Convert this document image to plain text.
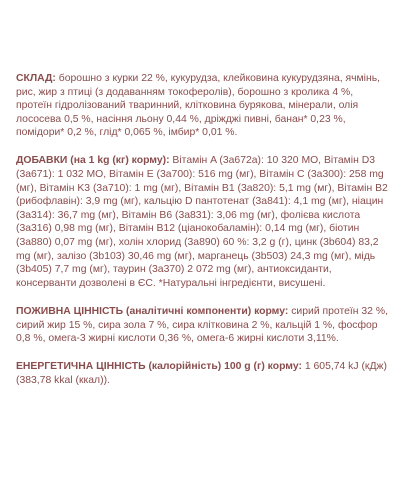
СКЛАД: борошно з курки 22 %, кукурудза, клейковина кукурудзяна, ячмінь, рис, жир з птиці (з додаванням токоферолів), борошно з кролика 4 %, протеїн гідролізований тваринний, клітковина бурякова, мінерали, олія лососева 0,5 %, насіння льону 0,44 %, дріжджі пивні, банан* 0,23 %, помідори* 0,2 %, глід* 0,065 %, імбир* 0,01 %.

ДОБАВКИ (на 1 kg (кг) корму): Вітамін A (3a672a): 10 320 MO, Вітамін D3 (3a671): 1 032 MO, Вітамін E (3a700): 516 mg (мг), Вітамін C (3a300): 258 mg (мг), Вітамін K3 (3a710): 1 mg (мг), Вітамін B1 (3a820): 5,1 mg (мг), Вітамін B2 (рибофлавін): 3,9 mg (мг), кальцію D пантотенат (3a841): 4,1 mg (мг), ніацин (3a314): 36,7 mg (мг), Вітамін B6 (3a831): 3,06 mg (мг), фолієва кислота (3a316) 0,98 mg (мг), Вітамін B12 (ціанокобаламін): 0,14 mg (мг), біотин (3a880) 0,07 mg (мг), холін хлорид (3a890) 60 %: 3,2 g (г), цинк (3b604) 83,2 mg (мг), залізо (3b103) 30,46 mg (мг), марганець (3b503) 24,3 mg (мг), мідь (3b405) 7,7 mg (мг), таурин (3a370) 2 072 mg (мг), антиоксиданти, консерванти дозволені в ЄС. *Натуральні інгредієнти, висушені.

ПОЖИВНА ЦІННІСТЬ (аналітичні компоненти) корму: сирий протеїн 32 %, сирий жир 15 %, сира зола 7 %, сира клітковина 2 %, кальцій 1 %, фосфор 0,8 %, омега-3 жирні кислоти 0,36 %, омега-6 жирні кислоти 3,11%.

ЕНЕРГЕТИЧНА ЦІННІСТЬ (калорійність) 100 g (г) корму: 1 605,74 kJ (кДж) (383,78 kkal (ккал)).
